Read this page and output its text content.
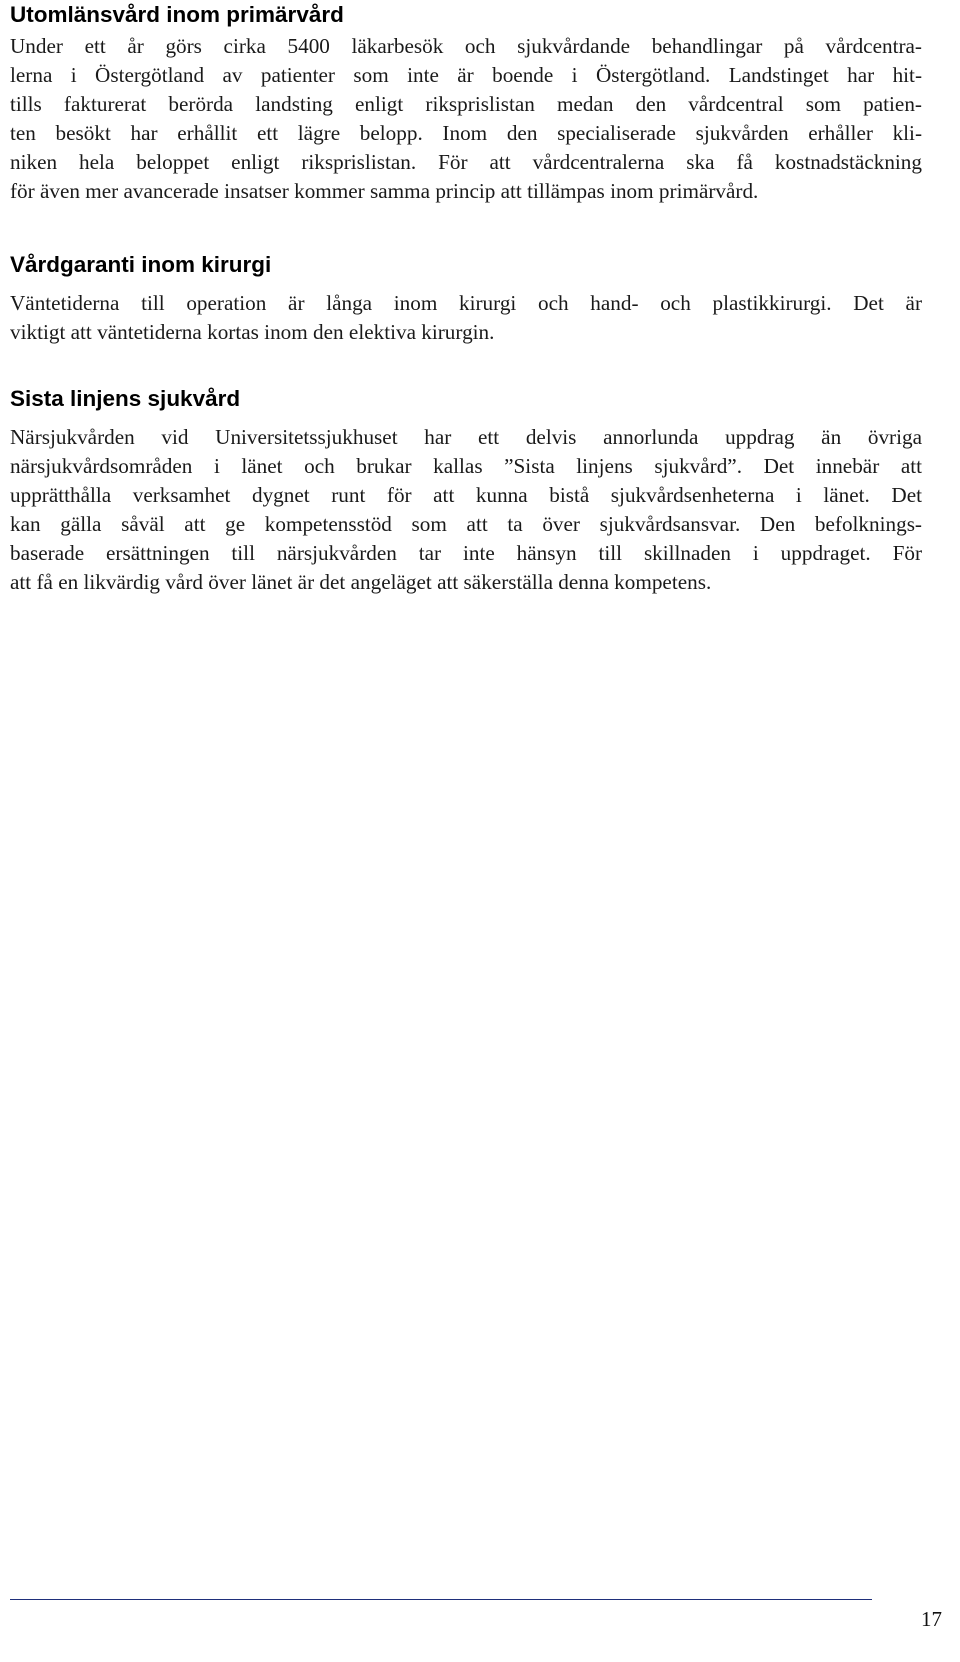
Utomlänsvård inom primärvård
Under ett år görs cirka 5400 läkarbesök och sjukvårdande behandlingar på vårdcentra-
lerna i Östergötland av patienter som inte är boende i Östergötland. Landstinget har hit-
tills fakturerat berörda landsting enligt riksprislistan medan den vårdcentral som patien-
ten besökt har erhållit ett lägre belopp. Inom den specialiserade sjukvården erhåller kli-
niken hela beloppet enligt riksprislistan. För att vårdcentralerna ska få kostnadstäckning
för även mer avancerade insatser kommer samma princip att tillämpas inom primärvård.
Vårdgaranti inom kirurgi
Väntetiderna till operation är långa inom kirurgi och hand- och plastikkirurgi. Det är
viktigt att väntetiderna kortas inom den elektiva kirurgin.
Sista linjens sjukvård
Närsjukvården vid Universitetssjukhuset har ett delvis annorlunda uppdrag än övriga
närsjukvårdsområden i länet och brukar kallas ”Sista linjens sjukvård”. Det innebär att
upprätthålla verksamhet dygnet runt för att kunna bistå sjukvårdsenheterna i länet. Det
kan gälla såväl att ge kompetensstöd som att ta över sjukvårdsansvar. Den befolknings-
baserade ersättningen till närsjukvården tar inte hänsyn till skillnaden i uppdraget. För
att få en likvärdig vård över länet är det angeläget att säkerställa denna kompetens.
17
